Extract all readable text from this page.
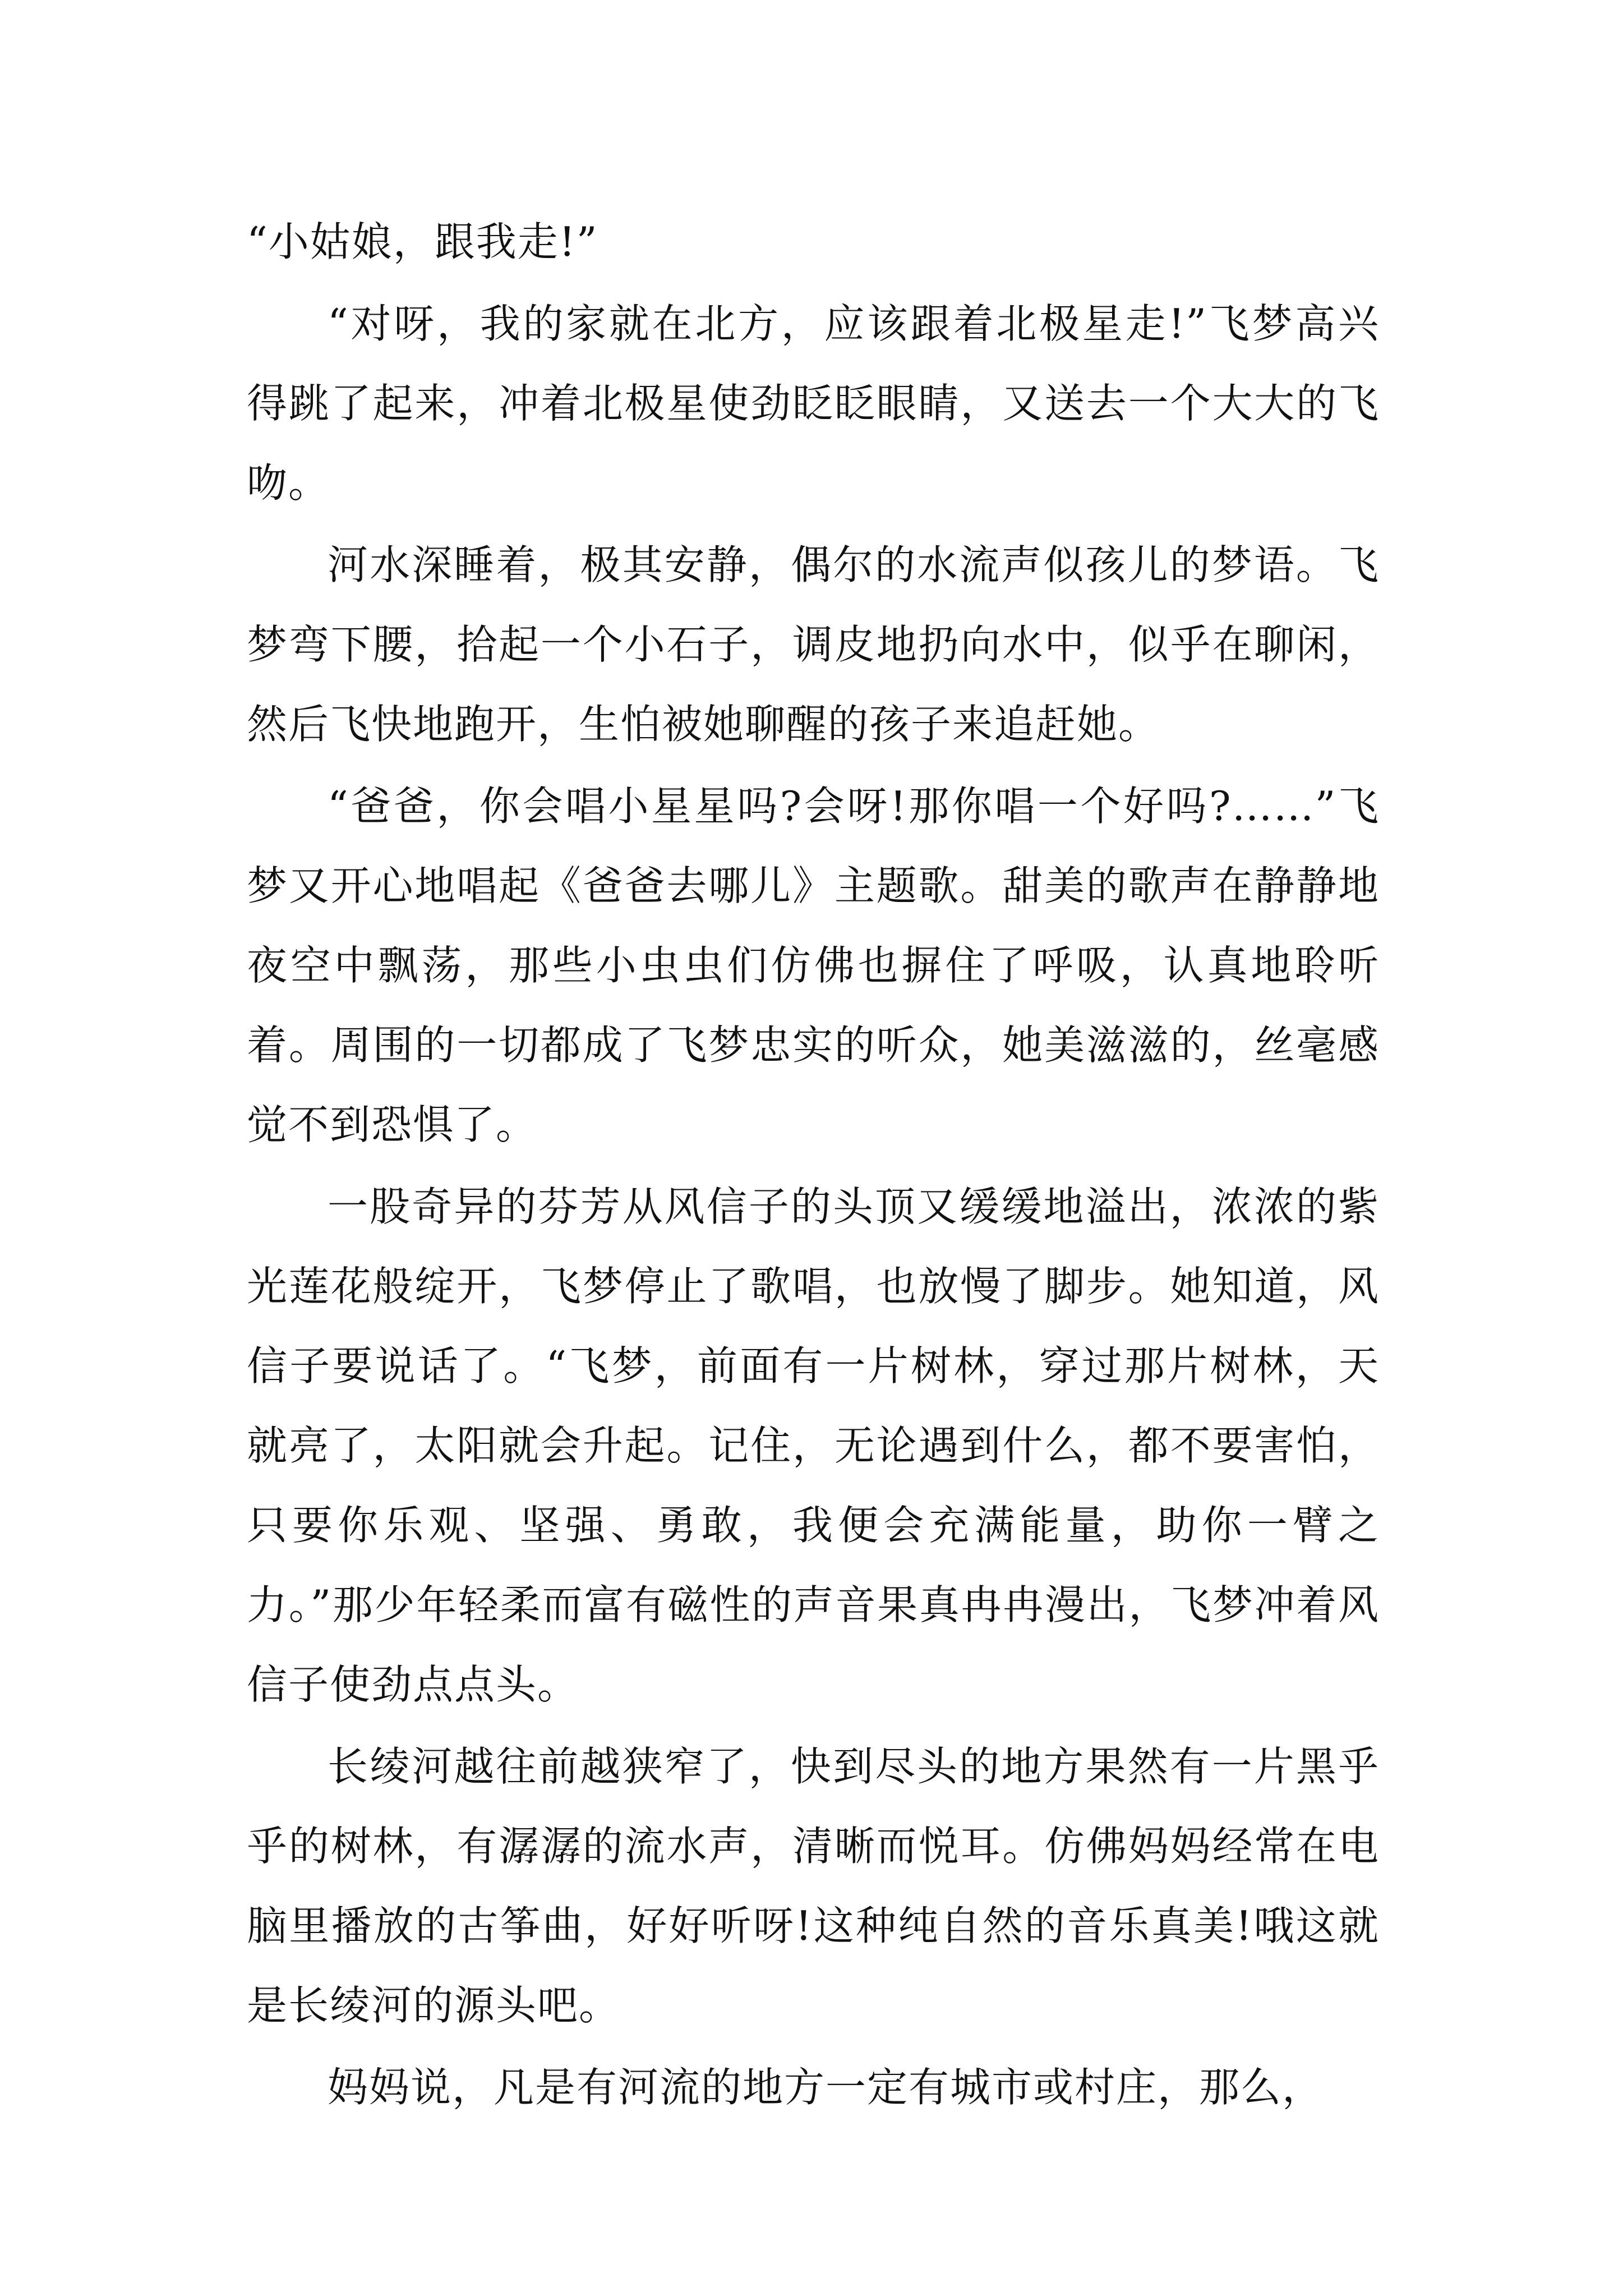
“小姑娘，跟我走!”

“对呀，我的家就在北方，应该跟着北极星走!”飞梦高兴得跳了起来，冲着北极星使劲眨眨眼睛，又送去一个大大的飞吻。

河水深睡着，极其安静，偶尔的水流声似孩儿的梦语。飞梦弯下腰，拾起一个小石子，调皮地扔向水中，似乎在聊闲，然后飞快地跑开，生怕被她聊醒的孩子来追赶她。

“爸爸，你会唱小星星吗?会呀!那你唱一个好吗?……”飞梦又开心地唱起《爸爸去哪儿》主题歌。甜美的歌声在静静地夜空中飘荡，那些小虫虫们仿佛也摒住了呼吸，认真地聆听着。周围的一切都成了飞梦忠实的听众，她美滋滋的，丝毫感觉不到恐惧了。

一股奇异的芬芳从风信子的头顶又缓缓地溢出，浓浓的紫光莲花般绽开，飞梦停止了歌唱，也放慢了脚步。她知道，风信子要说话了。“飞梦，前面有一片树林，穿过那片树林，天就亮了，太阳就会升起。记住，无论遇到什么，都不要害怕，只要你乐观、坚强、勇敢，我便会充满能量，助你一臂之力。”那少年轻柔而富有磁性的声音果真冉冉漫出，飞梦冲着风信子使劲点点头。

长绫河越往前越狭窄了，快到尽头的地方果然有一片黑乎乎的树林，有潺潺的流水声，清晰而悦耳。仿佛妈妈经常在电脑里播放的古筝曲，好好听呀!这种纯自然的音乐真美!哦这就是长绫河的源头吧。

妈妈说，凡是有河流的地方一定有城市或村庄，那么，
